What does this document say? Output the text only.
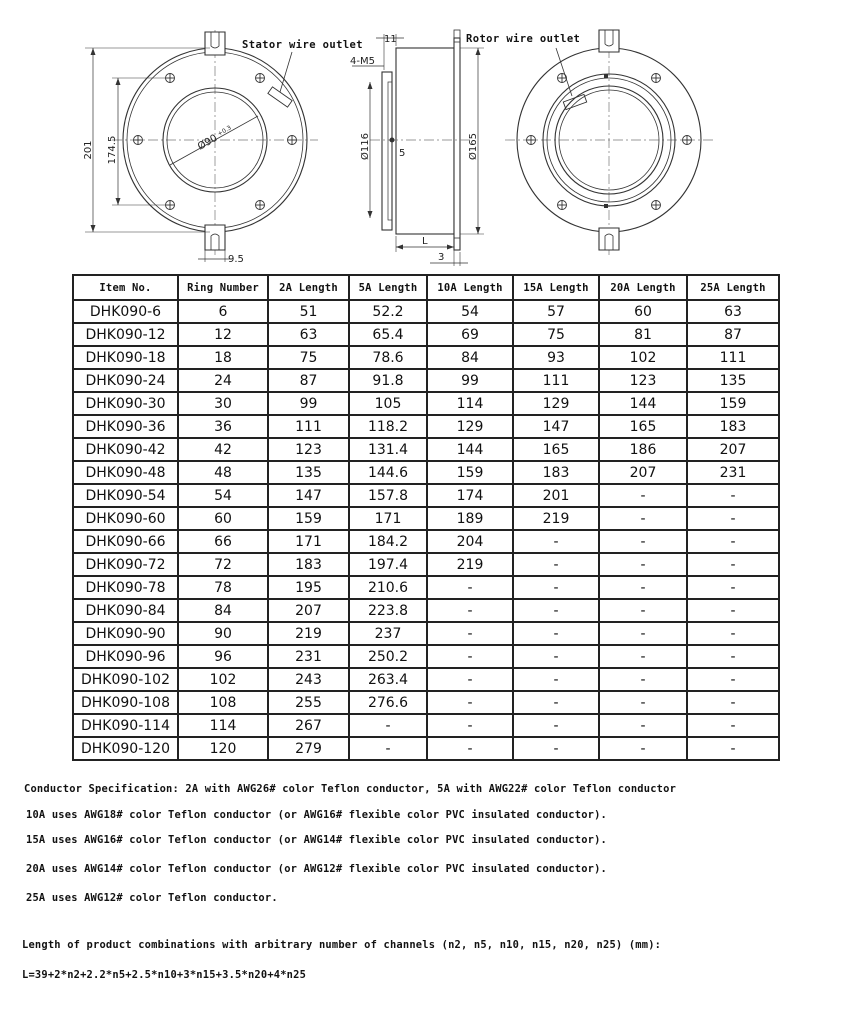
201 174.5	Ø90
+0.3
9.5
Stator wire outlet 11
4-M5
Ø116	5	Ø165
L
3
Rotor wire outlet
Item No.	Ring Number	2A Length	5A Length	10A Length	15A Length	20A Length	25A Length
DHK090-6	6	51	52.2	54	57	60	63
DHK090-12	12	63	65.4	69	75	81	87
DHK090-18	18	75	78.6	84	93	102	111
DHK090-24	24	87	91.8	99	111	123	135
DHK090-30	30	99	105	114	129	144	159
DHK090-36	36	111	118.2	129	147	165	183
DHK090-42	42	123	131.4	144	165	186	207
DHK090-48	48	135	144.6	159	183	207	231
DHK090-54	54	147	157.8	174	201	-	-
DHK090-60	60	159	171	189	219	-	-
DHK090-66	66	171	184.2	204	-	-	-
DHK090-72	72	183	197.4	219	-	-	-
DHK090-78	78	195	210.6	-	-	-	-
DHK090-84	84	207	223.8	-	-	-	-
DHK090-90	90	219	237	-	-	-	-
DHK090-96	96	231	250.2	-	-	-	-
DHK090-102	102	243	263.4	-	-	-	-
DHK090-108	108	255	276.6	-	-	-	-
DHK090-114	114	267	-	-	-	-	-
DHK090-120	120	279	-	-	-	-	-
Conductor Specification: 2A with AWG26# color Teflon conductor, 5A with AWG22# color Teflon conductor
10A uses AWG18# color Teflon conductor (or AWG16# flexible color PVC insulated conductor).
15A uses AWG16# color Teflon conductor (or AWG14# flexible color PVC insulated conductor).
20A uses AWG14# color Teflon conductor (or AWG12# flexible color PVC insulated conductor).
25A uses AWG12# color Teflon conductor.
Length of product combinations with arbitrary number of channels (n2, n5, n10, n15, n20, n25) (mm):
L=39+2*n2+2.2*n5+2.5*n10+3*n15+3.5*n20+4*n25
